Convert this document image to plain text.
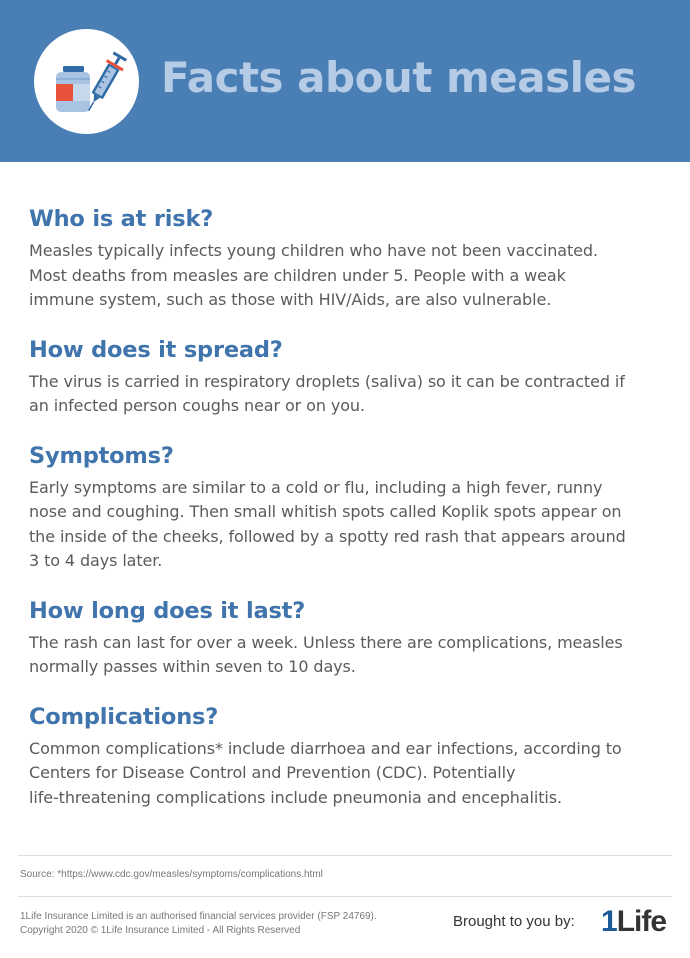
Facts about measles
Who is at risk?

Measles typically infects young children who have not been vaccinated.
Most deaths from measles are children under 5. People with a weak
immune system, such as those with HIV/Aids, are also vulnerable.

How does it spread?

The virus is carried in respiratory droplets (saliva) so it can be contracted if
an infected person coughs near or on you.

Symptoms?

Early symptoms are similar to a cold or flu, including a high fever, runny
nose and coughing. Then small whitish spots called Koplik spots appear on
the inside of the cheeks, followed by a spotty red rash that appears around
3 to 4 days later.

How long does it last?

The rash can last for over a week. Unless there are complications, measles
normally passes within seven to 10 days.

Complications?

Common complications* include diarrhoea and ear infections, according to
Centers for Disease Control and Prevention (CDC). Potentially
life-threatening complications include pneumonia and encephalitis.

Source: *https://www.cdc.gov/measles/symptoms/complications.html
1Life Insurance Limited is an authorised financial services provider (FSP 24769).
Copyright 2020 © 1Life Insurance Limited - All Rights Reserved
Brought to you by: 1Life
